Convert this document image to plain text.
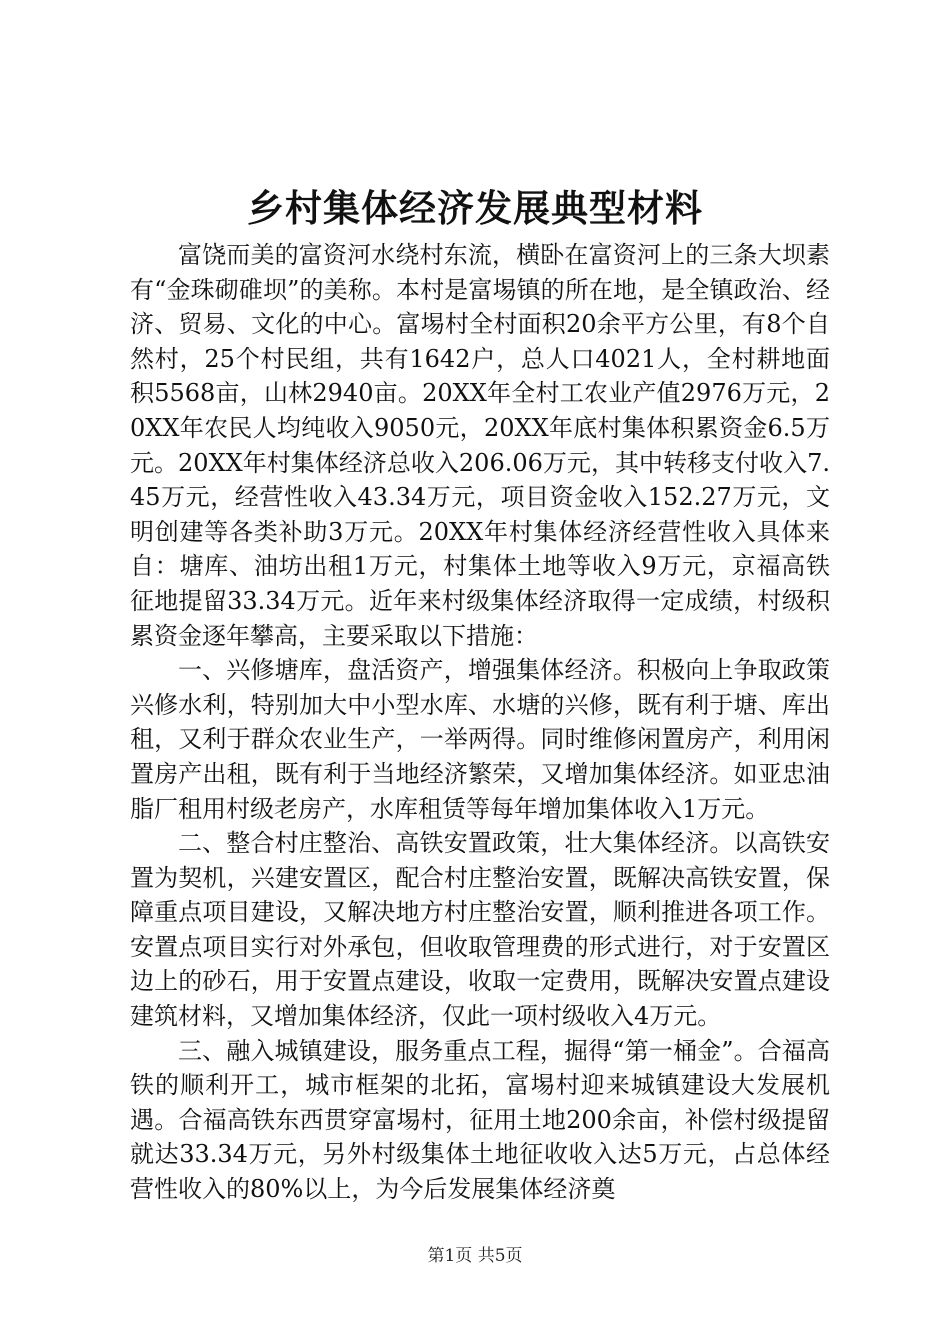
乡村集体经济发展典型材料

富饶而美的富资河水绕村东流，横卧在富资河上的三条大坝素有“金珠砌碓坝”的美称。本村是富埸镇的所在地，是全镇政治、经济、贸易、文化的中心。富埸村全村面积20余平方公里，有8个自然村，25个村民组，共有1642户，总人口4021人，全村耕地面积5568亩，山林2940亩。20XX年全村工农业产值2976万元，20XX年农民人均纯收入9050元，20XX年底村集体积累资金6.5万元。20XX年村集体经济总收入206.06万元，其中转移支付收入7.45万元，经营性收入43.34万元，项目资金收入152.27万元，文明创建等各类补助3万元。20XX年村集体经济经营性收入具体来自：塘库、油坊出租1万元，村集体土地等收入9万元，京福高铁征地提留33.34万元。近年来村级集体经济取得一定成绩，村级积累资金逐年攀高，主要采取以下措施：

一、兴修塘库，盘活资产，增强集体经济。积极向上争取政策兴修水利，特别加大中小型水库、水塘的兴修，既有利于塘、库出租，又利于群众农业生产，一举两得。同时维修闲置房产，利用闲置房产出租，既有利于当地经济繁荣，又增加集体经济。如亚忠油脂厂租用村级老房产，水库租赁等每年增加集体收入1万元。

二、整合村庄整治、高铁安置政策，壮大集体经济。以高铁安置为契机，兴建安置区，配合村庄整治安置，既解决高铁安置，保障重点项目建设，又解决地方村庄整治安置，顺利推进各项工作。安置点项目实行对外承包，但收取管理费的形式进行，对于安置区边上的砂石，用于安置点建设，收取一定费用，既解决安置点建设建筑材料，又增加集体经济，仅此一项村级收入4万元。

三、融入城镇建设，服务重点工程，掘得“第一桶金”。合福高铁的顺利开工，城市框架的北拓，富埸村迎来城镇建设大发展机遇。合福高铁东西贯穿富埸村，征用土地200余亩，补偿村级提留就达33.34万元，另外村级集体土地征收收入达5万元，占总体经营性收入的80%以上，为今后发展集体经济奠

第1页 共5页
